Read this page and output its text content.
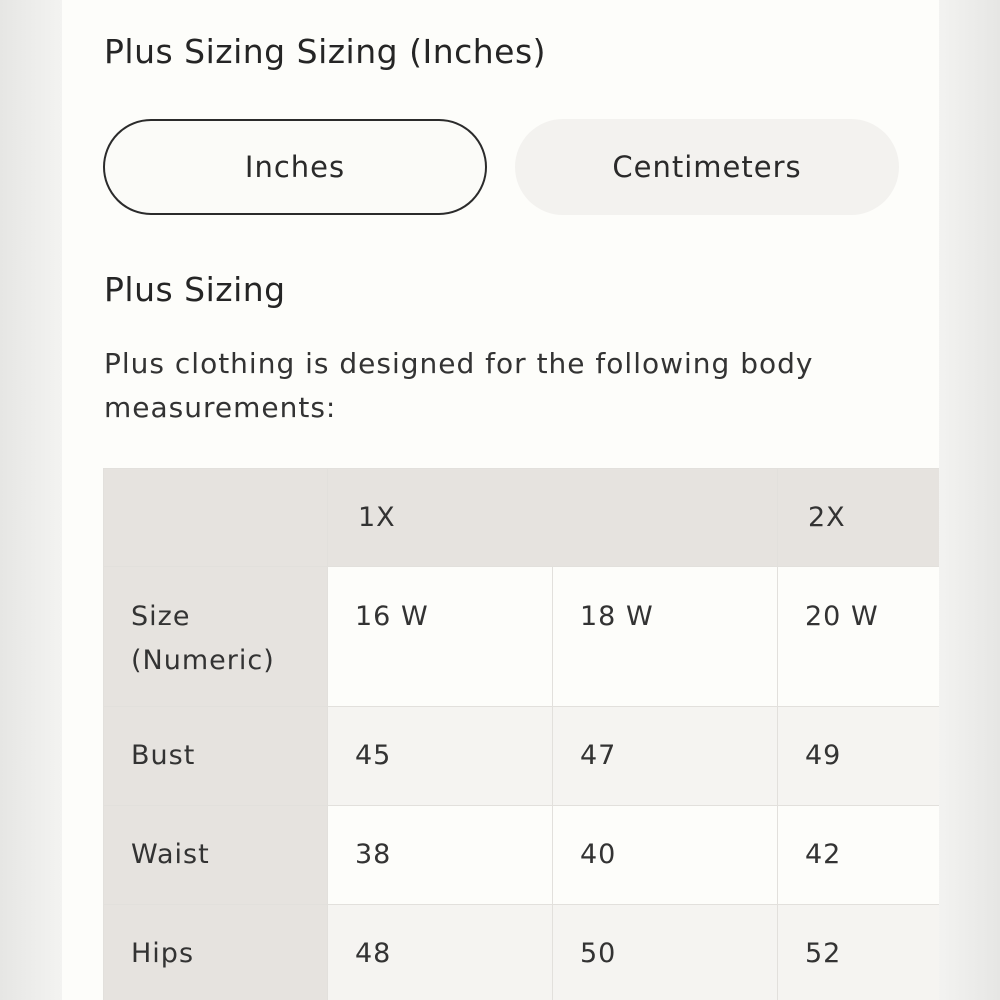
Plus Sizing Sizing (Inches)
Inches	Centimeters
Plus Sizing
Plus clothing is designed for the following body measurements:
	1X		2X
Size (Numeric)	16 W	18 W	20 W
Bust	45	47	49
Waist	38	40	42
Hips	48	50	52
